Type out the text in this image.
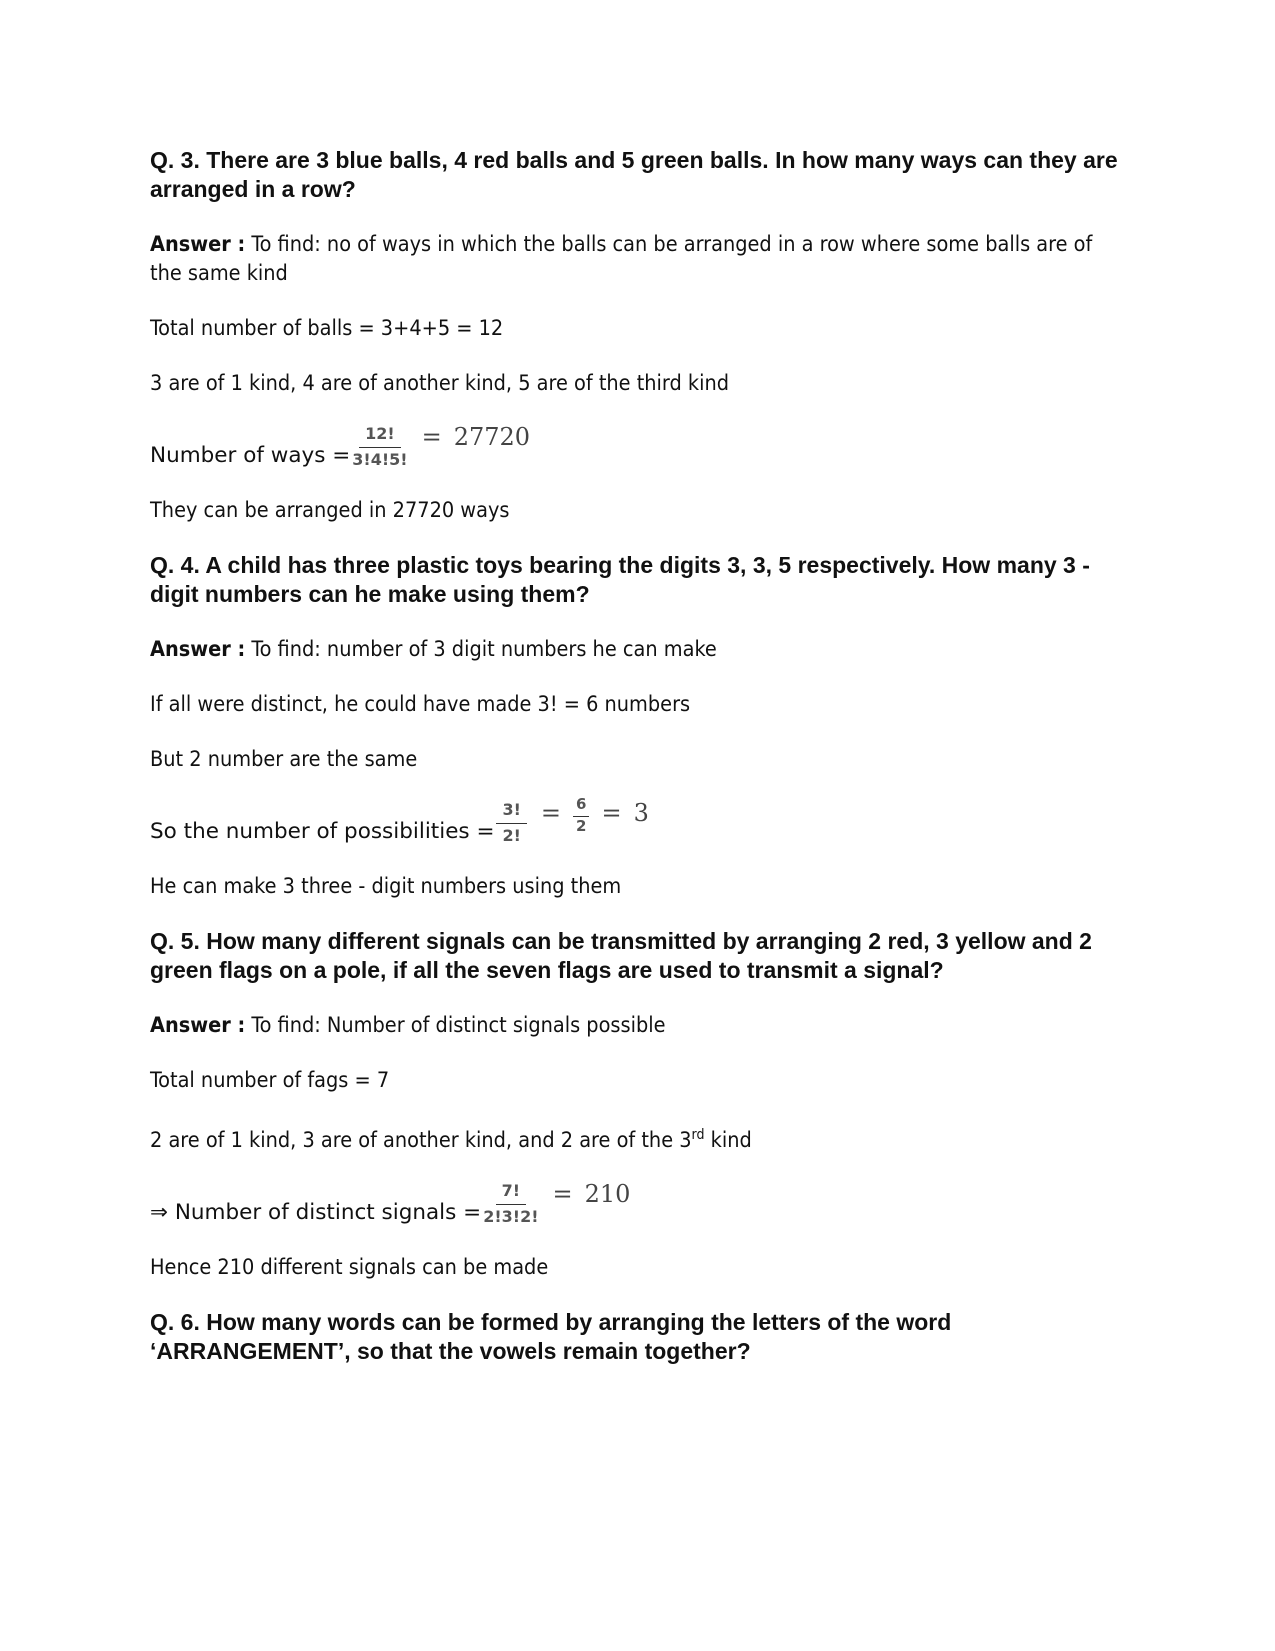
Q. 3. There are 3 blue balls, 4 red balls and 5 green balls. In how many ways can they are arranged in a row?
Answer : To find: no of ways in which the balls can be arranged in a row where some balls are of the same kind
Total number of balls = 3+4+5 = 12
3 are of 1 kind, 4 are of another kind, 5 are of the third kind
Number of ways = $\frac{12!}{3!4!5!} = 27720$
They can be arranged in 27720 ways
Q. 4. A child has three plastic toys bearing the digits 3, 3, 5 respectively. How many 3 - digit numbers can he make using them?
Answer : To find: number of 3 digit numbers he can make
If all were distinct, he could have made 3! = 6 numbers
But 2 number are the same
So the number of possibilities = $\frac{3!}{2!} = \frac{6}{2} = 3$
He can make 3 three - digit numbers using them
Q. 5. How many different signals can be transmitted by arranging 2 red, 3 yellow and 2 green flags on a pole, if all the seven flags are used to transmit a signal?
Answer : To find: Number of distinct signals possible
Total number of fags = 7
2 are of 1 kind, 3 are of another kind, and 2 are of the 3rd kind
⇒ Number of distinct signals = $\frac{7!}{2!3!2!} = 210$
Hence 210 different signals can be made
Q. 6. How many words can be formed by arranging the letters of the word ‘ARRANGEMENT’, so that the vowels remain together?
